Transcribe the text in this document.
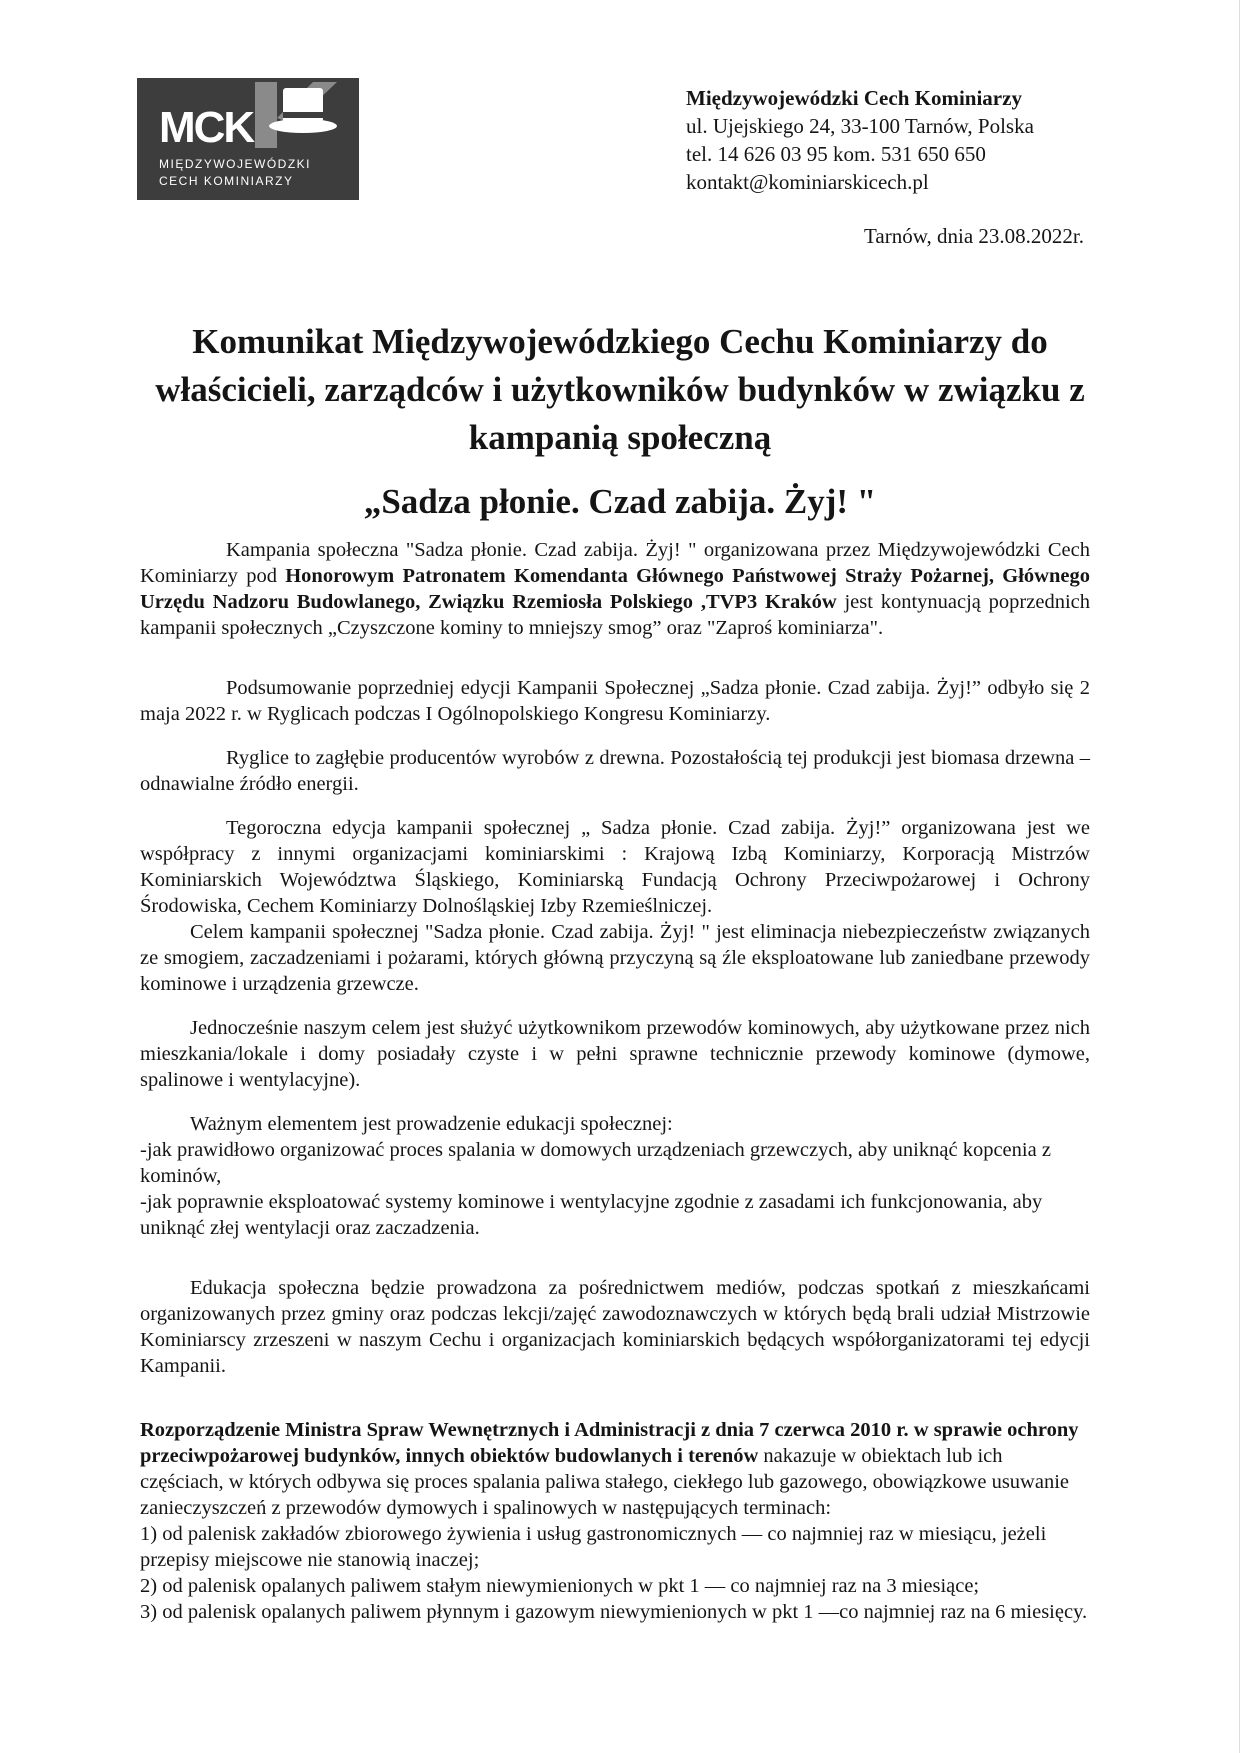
MCK
MIĘDZYWOJEWÓDZKI
CECH KOMINIARZY
Międzywojewódzki Cech Kominiarzy
ul. Ujejskiego 24, 33-100 Tarnów, Polska
tel. 14 626 03 95 kom. 531 650 650
kontakt@kominiarskicech.pl
Tarnów, dnia 23.08.2022r.
Komunikat Międzywojewódzkiego Cechu Kominiarzy do właścicieli, zarządców i użytkowników budynków w związku z kampanią społeczną
„Sadza płonie. Czad zabija. Żyj! "

Kampania społeczna "Sadza płonie. Czad zabija. Żyj! " organizowana przez Międzywojewódzki Cech Kominiarzy pod Honorowym Patronatem Komendanta Głównego Państwowej Straży Pożarnej, Głównego Urzędu Nadzoru Budowlanego, Związku Rzemiosła Polskiego ,TVP3 Kraków jest kontynuacją poprzednich kampanii społecznych „Czyszczone kominy to mniejszy smog” oraz "Zaproś kominiarza".

Podsumowanie poprzedniej edycji Kampanii Społecznej „Sadza płonie. Czad zabija. Żyj!” odbyło się 2 maja 2022 r. w Ryglicach podczas I Ogólnopolskiego Kongresu Kominiarzy.

Ryglice to zagłębie producentów wyrobów z drewna. Pozostałością tej produkcji jest biomasa drzewna – odnawialne źródło energii.

Tegoroczna edycja kampanii społecznej „ Sadza płonie. Czad zabija. Żyj!” organizowana jest we współpracy z innymi organizacjami kominiarskimi : Krajową Izbą Kominiarzy, Korporacją Mistrzów Kominiarskich Województwa Śląskiego, Kominiarską Fundacją Ochrony Przeciwpożarowej i Ochrony Środowiska, Cechem Kominiarzy Dolnośląskiej Izby Rzemieślniczej.

Celem kampanii społecznej "Sadza płonie. Czad zabija. Żyj! " jest eliminacja niebezpieczeństw związanych ze smogiem, zaczadzeniami i pożarami, których główną przyczyną są źle eksploatowane lub zaniedbane przewody kominowe i urządzenia grzewcze.

Jednocześnie naszym celem jest służyć użytkownikom przewodów kominowych, aby użytkowane przez nich mieszkania/lokale i domy posiadały czyste i w pełni sprawne technicznie przewody kominowe (dymowe, spalinowe i wentylacyjne).

Ważnym elementem jest prowadzenie edukacji społecznej:

-jak prawidłowo organizować proces spalania w domowych urządzeniach grzewczych, aby uniknąć kopcenia z kominów,

-jak poprawnie eksploatować systemy kominowe i wentylacyjne zgodnie z zasadami ich funkcjonowania, aby uniknąć złej wentylacji oraz zaczadzenia.

Edukacja społeczna będzie prowadzona za pośrednictwem mediów, podczas spotkań z mieszkańcami organizowanych przez gminy oraz podczas lekcji/zajęć zawodoznawczych w których będą brali udział Mistrzowie Kominiarscy zrzeszeni w naszym Cechu i organizacjach kominiarskich będących współorganizatorami tej edycji Kampanii.

Rozporządzenie Ministra Spraw Wewnętrznych i Administracji z dnia 7 czerwca 2010 r. w sprawie ochrony przeciwpożarowej budynków, innych obiektów budowlanych i terenów nakazuje w obiektach lub ich częściach, w których odbywa się proces spalania paliwa stałego, ciekłego lub gazowego, obowiązkowe usuwanie zanieczyszczeń z przewodów dymowych i spalinowych w następujących terminach:

1) od palenisk zakładów zbiorowego żywienia i usług gastronomicznych — co najmniej raz w miesiącu, jeżeli przepisy miejscowe nie stanowią inaczej;

2) od palenisk opalanych paliwem stałym niewymienionych w pkt 1 — co najmniej raz na 3 miesiące;

3) od palenisk opalanych paliwem płynnym i gazowym niewymienionych w pkt 1 —co najmniej raz na 6 miesięcy.
